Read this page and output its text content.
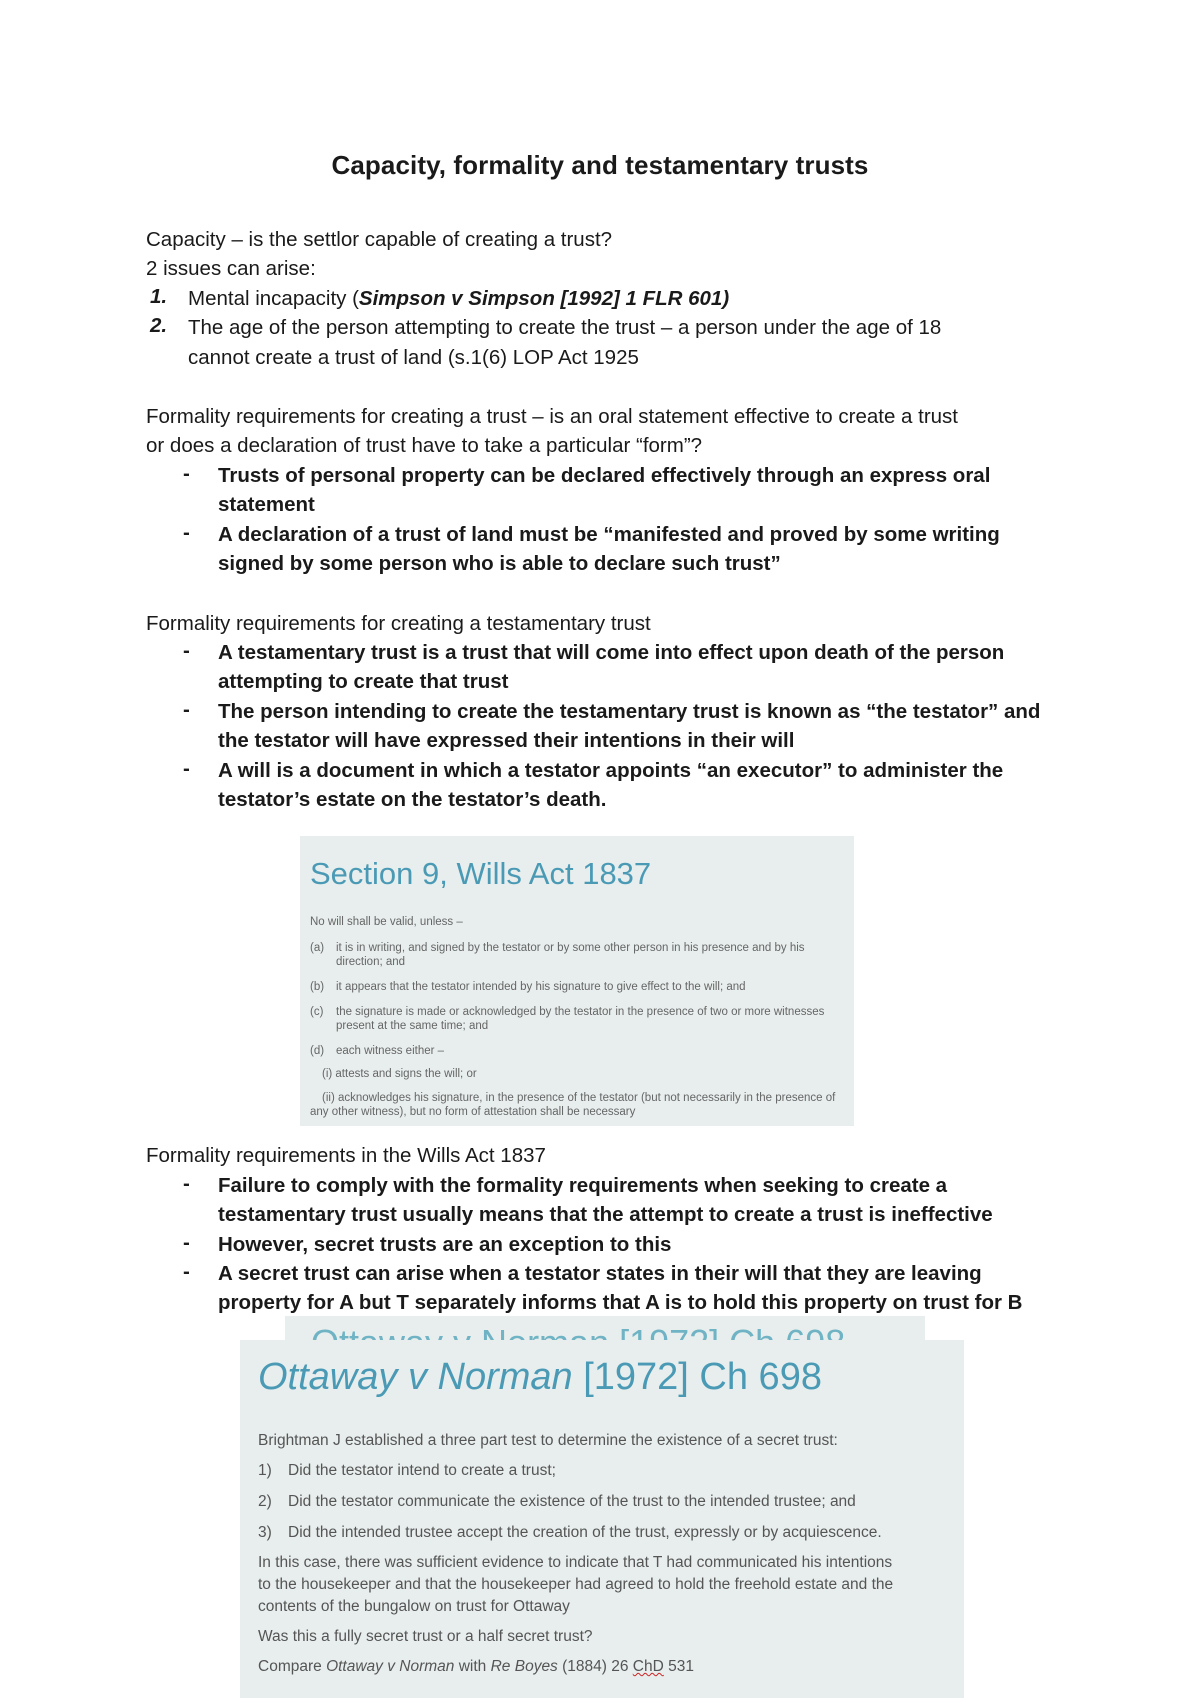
Capacity, formality and testamentary trusts
Capacity – is the settlor capable of creating a trust?
2 issues can arise:
1. Mental incapacity (Simpson v Simpson [1992] 1 FLR 601)
2. The age of the person attempting to create the trust – a person under the age of 18
cannot create a trust of land (s.1(6) LOP Act 1925
Formality requirements for creating a trust – is an oral statement effective to create a trust
or does a declaration of trust have to take a particular “form”?
- Trusts of personal property can be declared effectively through an express oral
statement
- A declaration of a trust of land must be “manifested and proved by some writing
signed by some person who is able to declare such trust”
Formality requirements for creating a testamentary trust
- A testamentary trust is a trust that will come into effect upon death of the person
attempting to create that trust
- The person intending to create the testamentary trust is known as “the testator” and
the testator will have expressed their intentions in their will
- A will is a document in which a testator appoints “an executor” to administer the
testator’s estate on the testator’s death.
Section 9, Wills Act 1837
No will shall be valid, unless –
(a) it is in writing, and signed by the testator or by some other person in his presence and by his
direction; and
(b) it appears that the testator intended by his signature to give effect to the will; and
(c) the signature is made or acknowledged by the testator in the presence of two or more witnesses
present at the same time; and
(d) each witness either –
(i) attests and signs the will; or
(ii) acknowledges his signature, in the presence of the testator (but not necessarily in the presence of
any other witness), but no form of attestation shall be necessary
Formality requirements in the Wills Act 1837
- Failure to comply with the formality requirements when seeking to create a
testamentary trust usually means that the attempt to create a trust is ineffective
- However, secret trusts are an exception to this
- A secret trust can arise when a testator states in their will that they are leaving
property for A but T separately informs that A is to hold this property on trust for B
Ottaway v Norman [1972] Ch 698
Brightman J established a three part test to determine the existence of a secret trust:
1) Did the testator intend to create a trust;
2) Did the testator communicate the existence of the trust to the intended trustee; and
3) Did the intended trustee accept the creation of the trust, expressly or by acquiescence.
In this case, there was sufficient evidence to indicate that T had communicated his intentions
to the housekeeper and that the housekeeper had agreed to hold the freehold estate and the
contents of the bungalow on trust for Ottaway
Was this a fully secret trust or a half secret trust?
Compare Ottaway v Norman with Re Boyes (1884) 26 ChD 531
